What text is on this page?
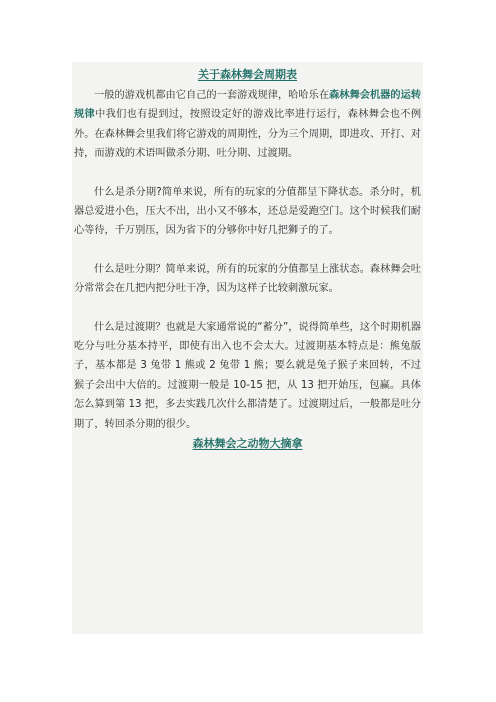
关于森林舞会周期表

一般的游戏机都由它自己的一套游戏规律，哈哈乐在森林舞会机器的运转规律中我们也有提到过，按照设定好的游戏比率进行运行，森林舞会也不例外。在森林舞会里我们将它游戏的周期性，分为三个周期，即进攻、开打、对持，而游戏的术语叫做杀分期、吐分期、过渡期。

什么是杀分期?简单来说，所有的玩家的分值都呈下降状态。杀分时，机器总爱进小色，压大不出，出小又不够本，还总是爱跑空门。这个时候我们耐心等待，千万别压，因为省下的分够你中好几把狮子的了。

什么是吐分期？简单来说，所有的玩家的分值都呈上涨状态。森林舞会吐分常常会在几把内把分吐干净，因为这样子比较刺激玩家。

什么是过渡期？也就是大家通常说的“蓄分”，说得简单些，这个时期机器吃分与吐分基本持平，即使有出入也不会太大。过渡期基本特点是：熊兔版子，基本都是 3 兔带 1 熊或 2 兔带 1 熊；要么就是兔子猴子来回转，不过猴子会出中大倍的。过渡期一般是 10-15 把，从 13 把开始压，包赢。具体怎么算到第 13 把，多去实践几次什么都清楚了。过渡期过后，一般都是吐分期了，转回杀分期的很少。

森林舞会之动物大摘拿
